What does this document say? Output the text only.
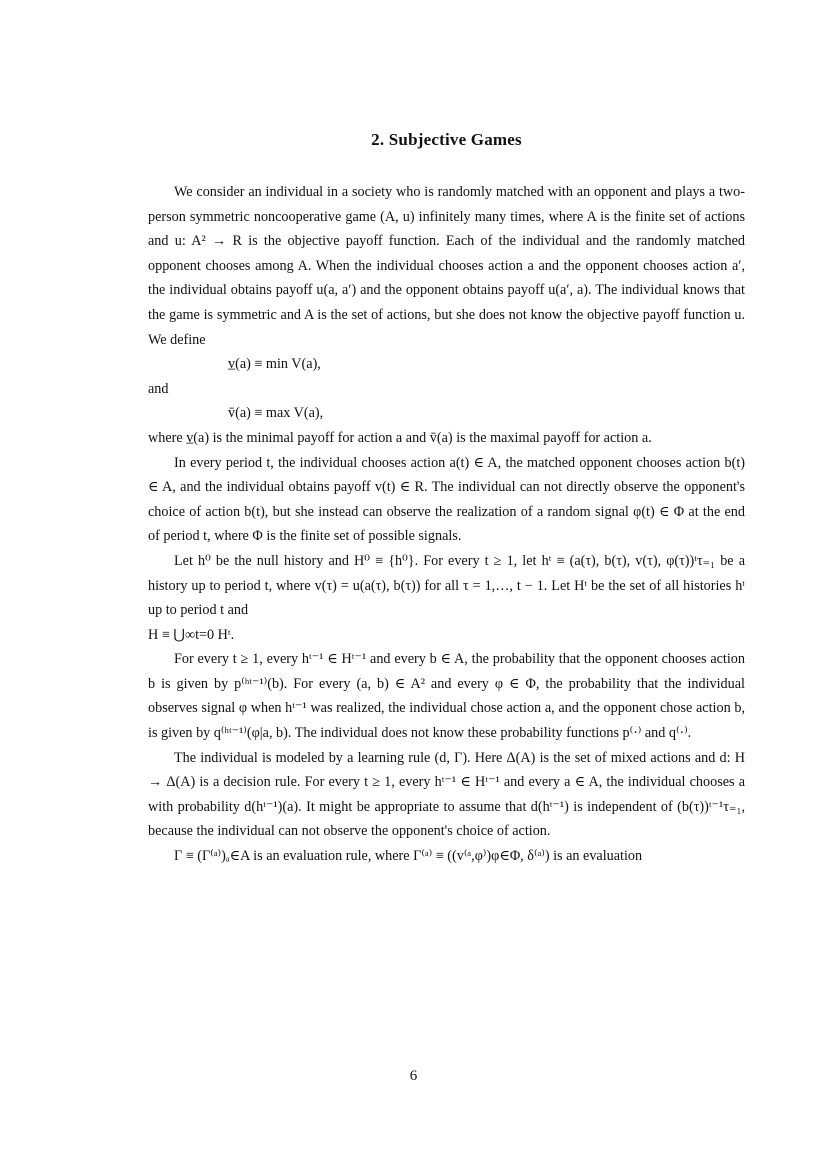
2. Subjective Games

We consider an individual in a society who is randomly matched with an opponent and plays a two-person symmetric noncooperative game (A, u) infinitely many times, where A is the finite set of actions and u: A² → R is the objective payoff function. Each of the individual and the randomly matched opponent chooses among A. When the individual chooses action a and the opponent chooses action a′, the individual obtains payoff u(a, a′) and the opponent obtains payoff u(a′, a). The individual knows that the game is symmetric and A is the set of actions, but she does not know the objective payoff function u. We define

v̲(a) ≡ min V(a),

and

v̄(a) ≡ max V(a),

where v̲(a) is the minimal payoff for action a and v̄(a) is the maximal payoff for action a.

In every period t, the individual chooses action a(t) ∈ A, the matched opponent chooses action b(t) ∈ A, and the individual obtains payoff v(t) ∈ R. The individual can not directly observe the opponent's choice of action b(t), but she instead can observe the realization of a random signal φ(t) ∈ Φ at the end of period t, where Φ is the finite set of possible signals.

Let h⁰ be the null history and H⁰ ≡ {h⁰}. For every t ≥ 1, let hᵗ ≡ (a(τ), b(τ), v(τ), φ(τ))ᵗτ₌₁ be a history up to period t, where v(τ) = u(a(τ), b(τ)) for all τ = 1,…, t − 1. Let Hᵗ be the set of all histories hᵗ up to period t and

H ≡ ⋃∞t=0 Hᵗ.

For every t ≥ 1, every hᵗ⁻¹ ∈ Hᵗ⁻¹ and every b ∈ A, the probability that the opponent chooses action b is given by p⁽ʰᵗ⁻¹⁾(b). For every (a, b) ∈ A² and every φ ∈ Φ, the probability that the individual observes signal φ when hᵗ⁻¹ was realized, the individual chose action a, and the opponent chose action b, is given by q⁽ʰᵗ⁻¹⁾(φ|a, b). The individual does not know these probability functions p⁽·⁾ and q⁽·⁾.

The individual is modeled by a learning rule (d, Γ). Here Δ(A) is the set of mixed actions and d: H → Δ(A) is a decision rule. For every t ≥ 1, every hᵗ⁻¹ ∈ Hᵗ⁻¹ and every a ∈ A, the individual chooses a with probability d(hᵗ⁻¹)(a). It might be appropriate to assume that d(hᵗ⁻¹) is independent of (b(τ))ᵗ⁻¹τ₌₁, because the individual can not observe the opponent's choice of action.

Γ ≡ (Γ⁽ᵃ⁾)ₐ∈A is an evaluation rule, where Γ⁽ᵃ⁾ ≡ ((v⁽ᵃ,φ⁾)φ∈Φ, δ⁽ᵃ⁾) is an evaluation

6
